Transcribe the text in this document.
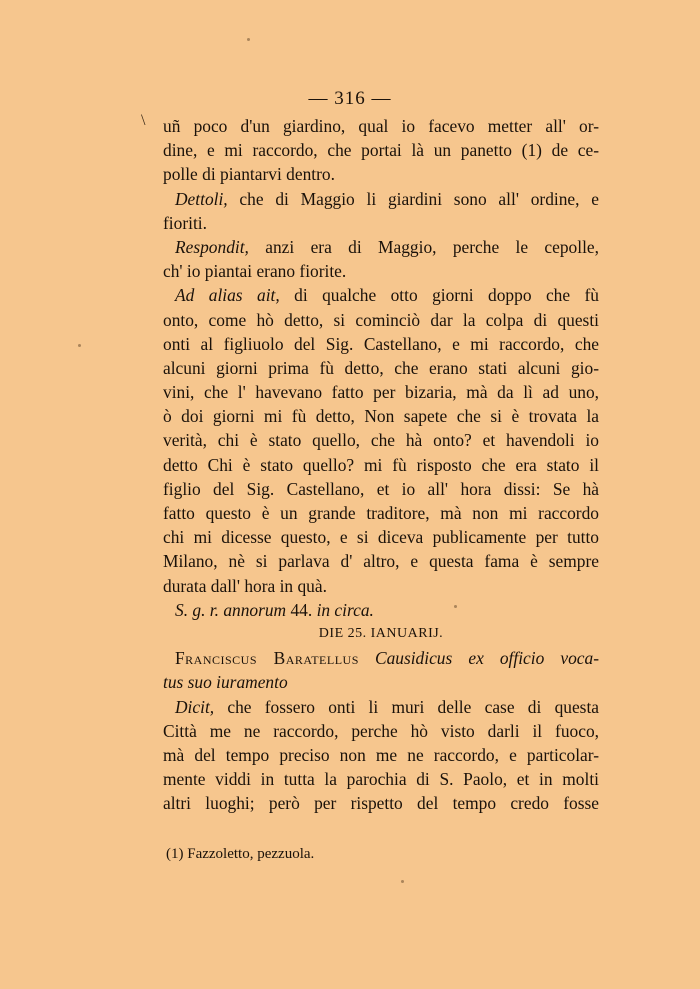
— 316 —
\ uñ poco d'un giardino, qual io facevo metter all' or-
dine, e mi raccordo, che portai là un panetto (1) de ce-
polle di piantarvi dentro.
Dettoli, che di Maggio li giardini sono all' ordine, e
fioriti.
Respondit, anzi era di Maggio, perche le cepolle,
ch' io piantai erano fiorite.
Ad alias ait, di qualche otto giorni doppo che fù
onto, come hò detto, si cominciò dar la colpa di questi
onti al figliuolo del Sig. Castellano, e mi raccordo, che
alcuni giorni prima fù detto, che erano stati alcuni gio-
vini, che l' havevano fatto per bizaria, mà da lì ad uno,
ò doi giorni mi fù detto, Non sapete che si è trovata la
verità, chi è stato quello, che hà onto? et havendoli io
detto Chi è stato quello? mi fù risposto che era stato il
figlio del Sig. Castellano, et io all' hora dissi: Se hà
fatto questo è un grande traditore, mà non mi raccordo
chi mi dicesse questo, e si diceva publicamente per tutto
Milano, nè si parlava d' altro, e questa fama è sempre
durata dall' hora in quà.
S. g. r. annorum 44. in circa.
DIE 25. IANUARIJ.
Franciscus Baratellus Causidicus ex officio voca-
tus suo iuramento
Dicit, che fossero onti li muri delle case di questa
Città me ne raccordo, perche hò visto darli il fuoco,
mà del tempo preciso non me ne raccordo, e particolar-
mente viddi in tutta la parochia di S. Paolo, et in molti
altri luoghi; però per rispetto del tempo credo fosse
(1) Fazzoletto, pezzuola.
